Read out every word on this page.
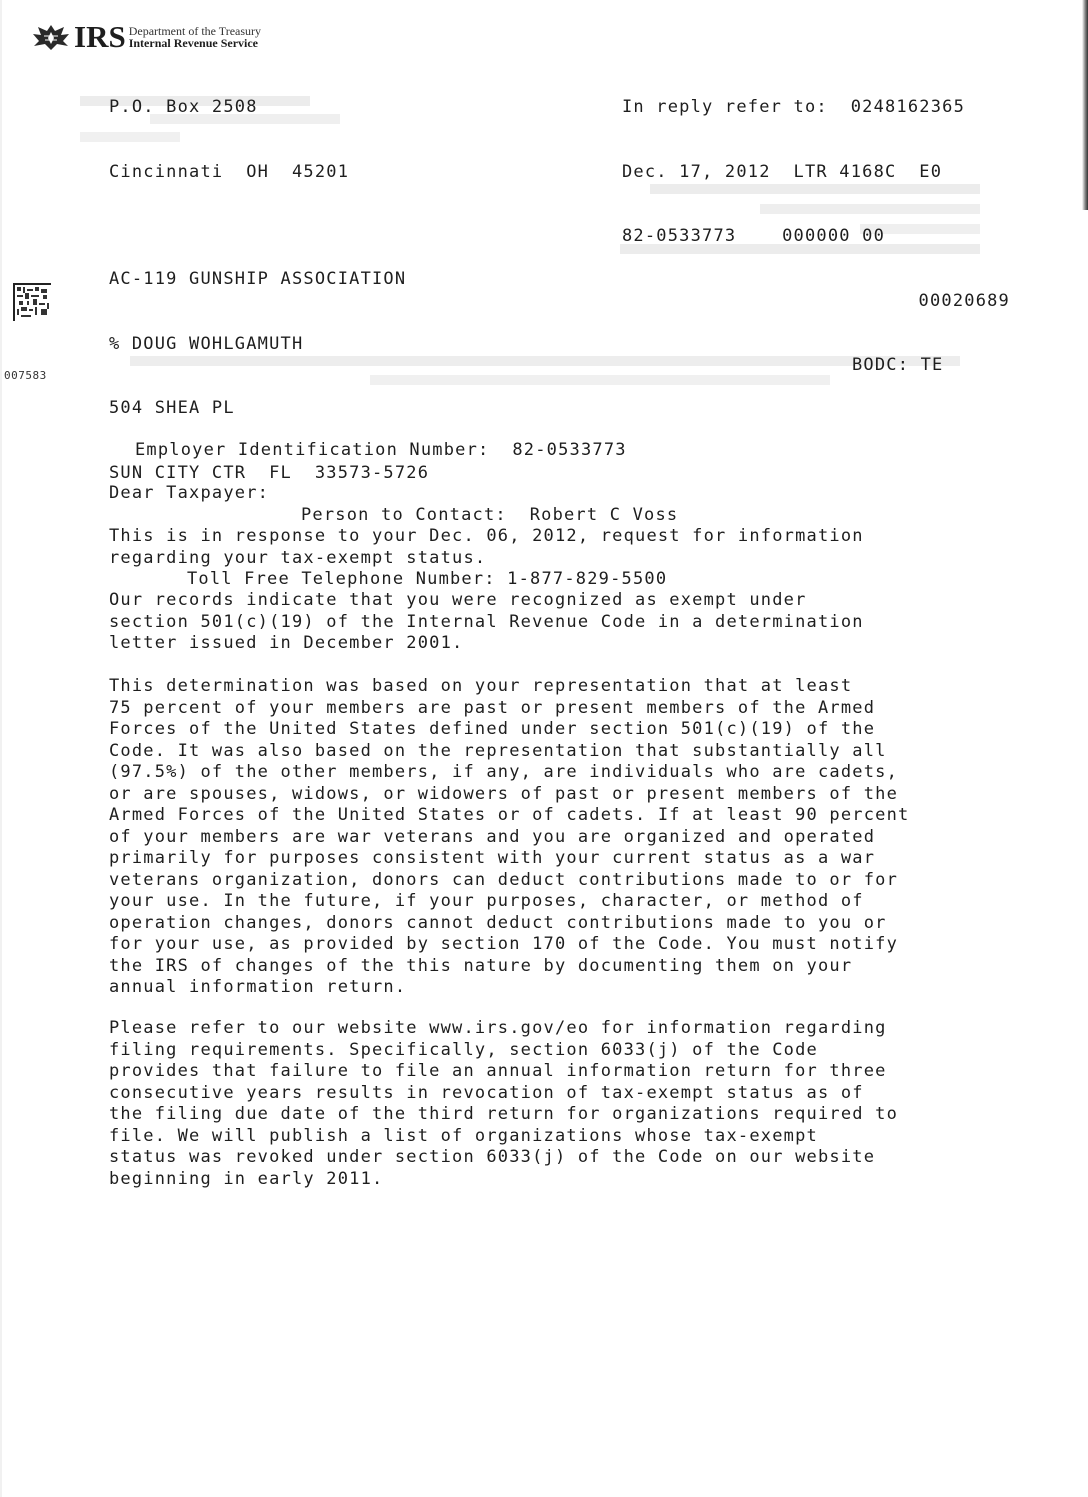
IRS Department of the Treasury
Internal Revenue Service

P.O. Box 2508

Cincinnati  OH  45201

In reply refer to:  0248162365

Dec. 17, 2012  LTR 4168C  E0

82-0533773    000000 00

00020689

BODC: TE

AC-119 GUNSHIP ASSOCIATION

% DOUG WOHLGAMUTH

504 SHEA PL

SUN CITY CTR  FL  33573-5726

007583

Employer Identification Number:  82-0533773

Person to Contact:  Robert C Voss

Toll Free Telephone Number: 1-877-829-5500

Dear Taxpayer:

This is in response to your Dec. 06, 2012, request for information
regarding your tax-exempt status.

Our records indicate that you were recognized as exempt under
section 501(c)(19) of the Internal Revenue Code in a determination
letter issued in December 2001.

This determination was based on your representation that at least
75 percent of your members are past or present members of the Armed
Forces of the United States defined under section 501(c)(19) of the
Code. It was also based on the representation that substantially all
(97.5%) of the other members, if any, are individuals who are cadets,
or are spouses, widows, or widowers of past or present members of the
Armed Forces of the United States or of cadets. If at least 90 percent
of your members are war veterans and you are organized and operated
primarily for purposes consistent with your current status as a war
veterans organization, donors can deduct contributions made to or for
your use. In the future, if your purposes, character, or method of
operation changes, donors cannot deduct contributions made to you or
for your use, as provided by section 170 of the Code. You must notify
the IRS of changes of the this nature by documenting them on your
annual information return.

Please refer to our website www.irs.gov/eo for information regarding
filing requirements. Specifically, section 6033(j) of the Code
provides that failure to file an annual information return for three
consecutive years results in revocation of tax-exempt status as of
the filing due date of the third return for organizations required to
file. We will publish a list of organizations whose tax-exempt
status was revoked under section 6033(j) of the Code on our website
beginning in early 2011.
